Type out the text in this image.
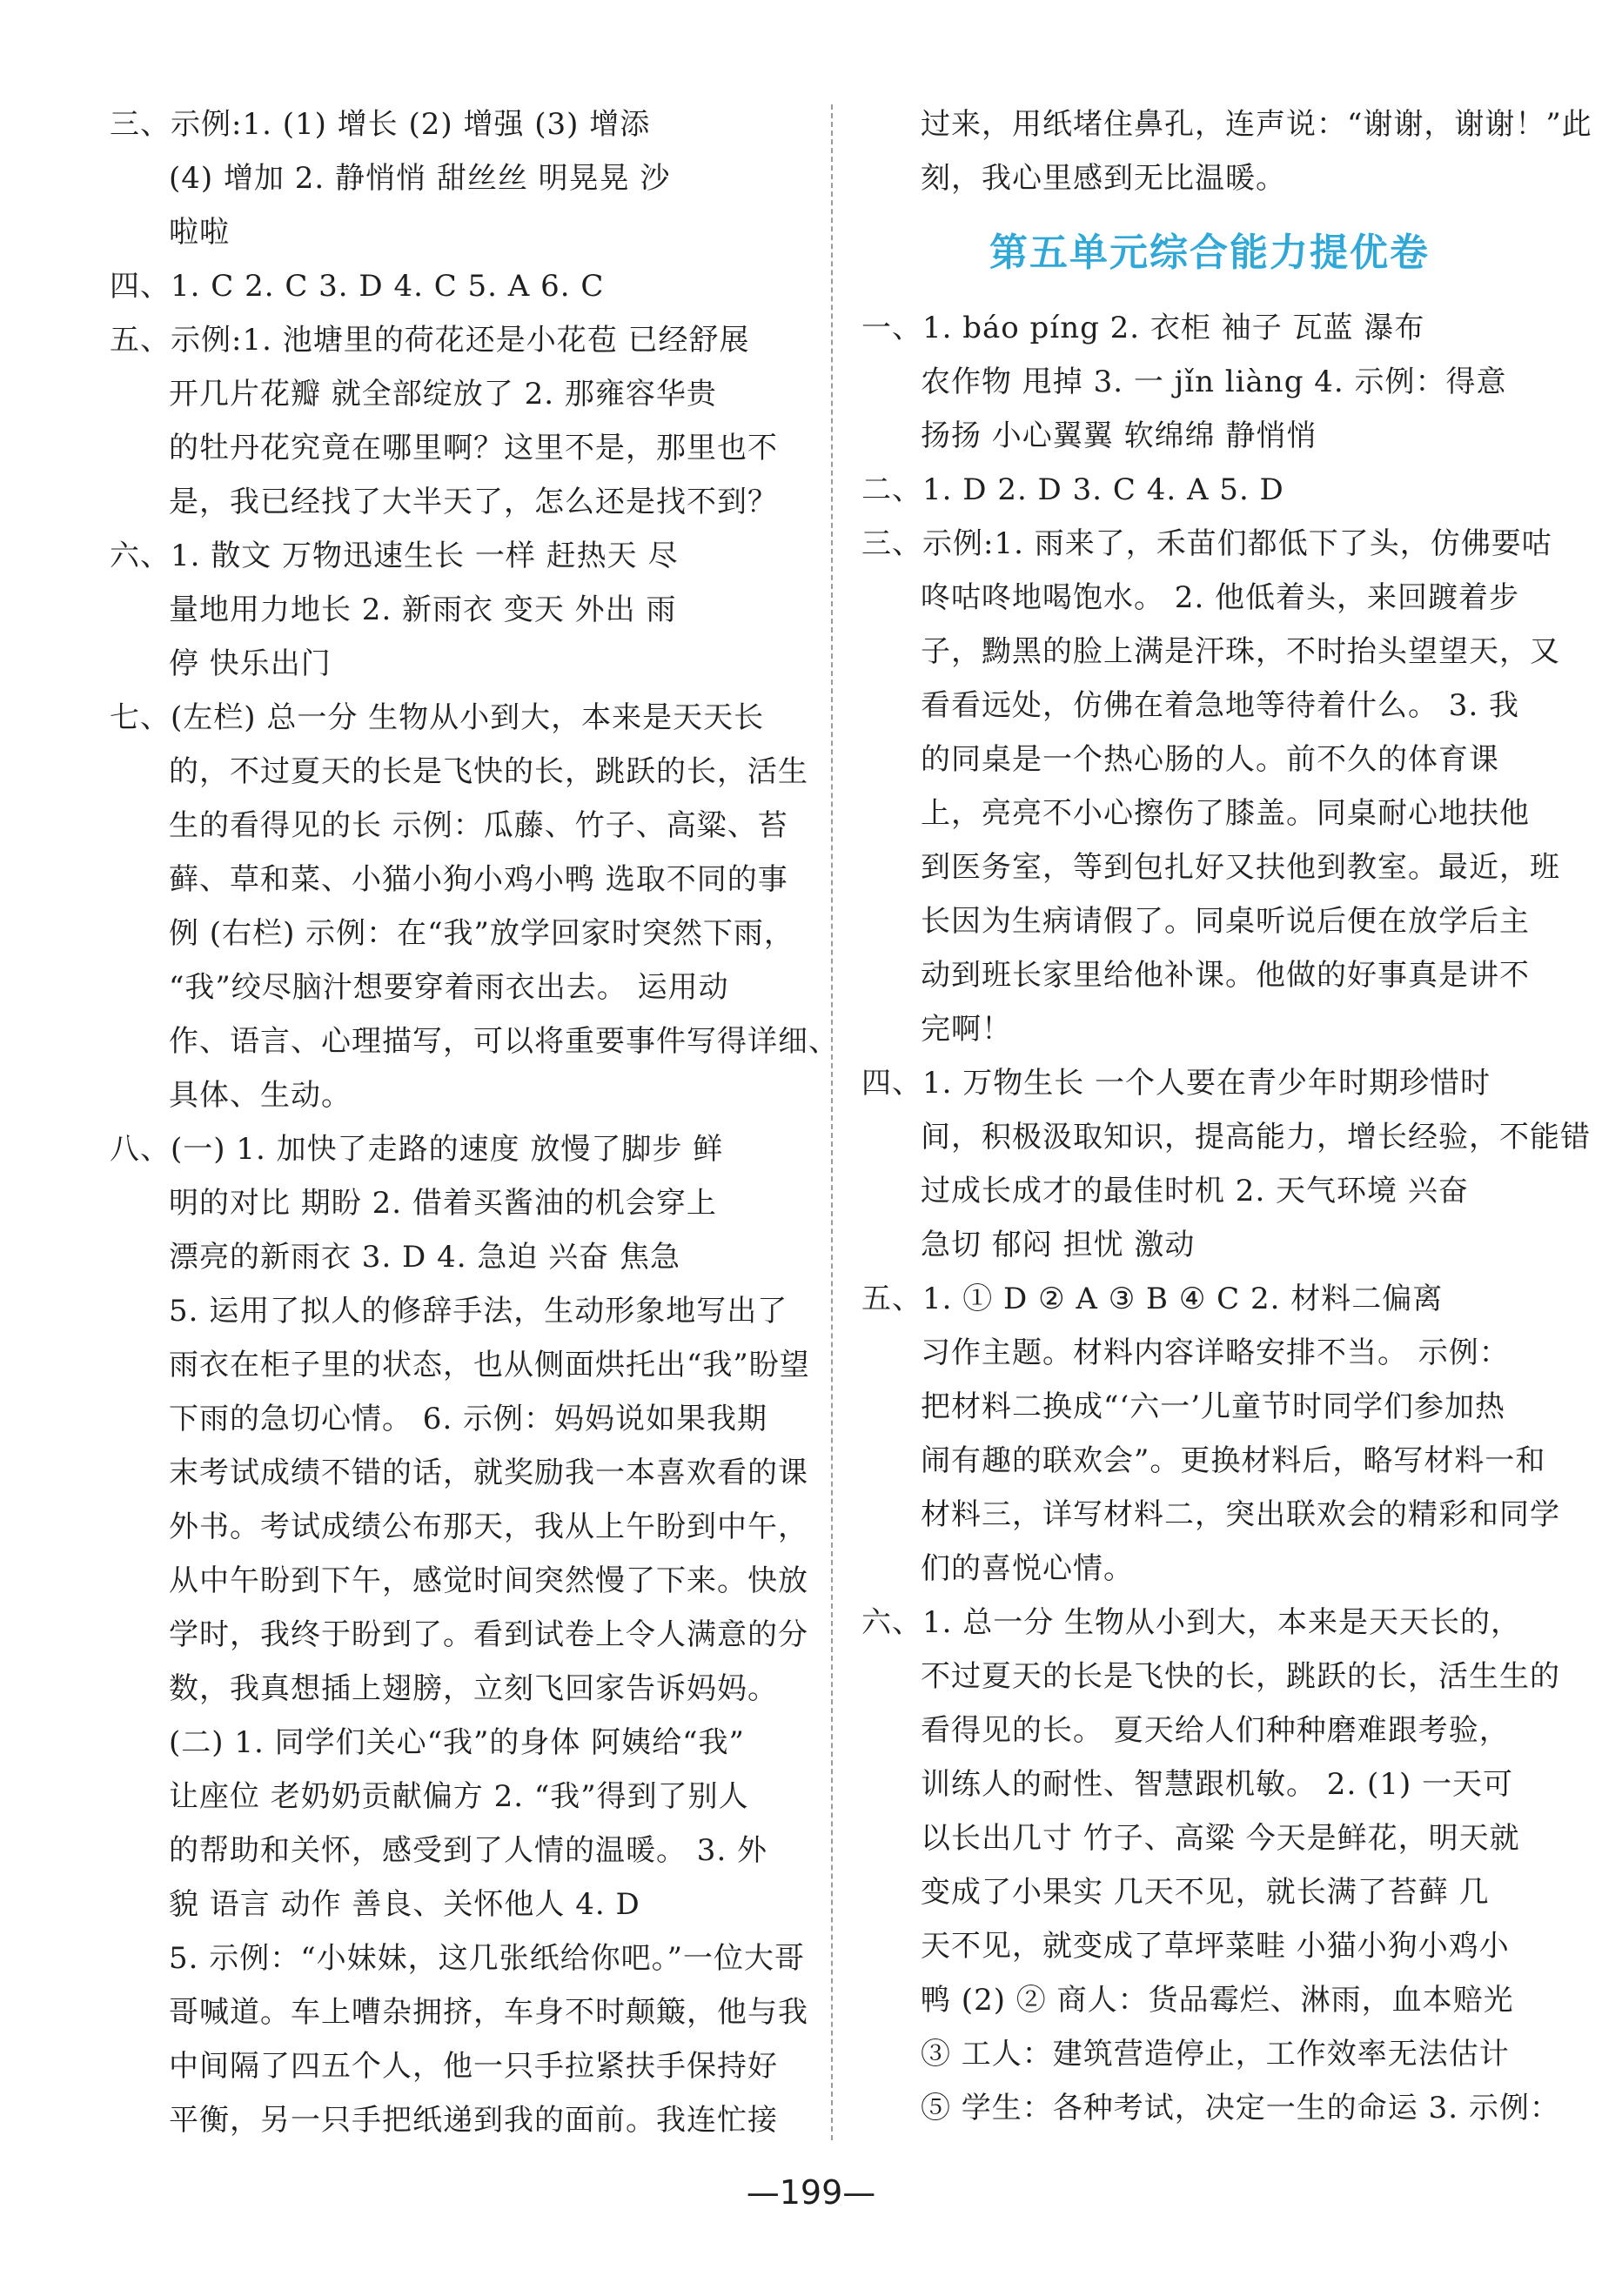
三、示例:1. (1) 增长 (2) 增强 (3) 增添
(4) 增加 2. 静悄悄 甜丝丝 明晃晃 沙
啦啦
四、1. C 2. C 3. D 4. C 5. A 6. C
五、示例:1. 池塘里的荷花还是小花苞 已经舒展
开几片花瓣 就全部绽放了 2. 那雍容华贵
的牡丹花究竟在哪里啊？这里不是，那里也不
是，我已经找了大半天了，怎么还是找不到？
六、1. 散文 万物迅速生长 一样 赶热天 尽
量地用力地长 2. 新雨衣 变天 外出 雨
停 快乐出门
七、(左栏) 总一分 生物从小到大，本来是天天长
的，不过夏天的长是飞快的长，跳跃的长，活生
生的看得见的长 示例：瓜藤、竹子、高粱、苔
藓、草和菜、小猫小狗小鸡小鸭 选取不同的事
例 (右栏) 示例：在“我”放学回家时突然下雨，
“我”绞尽脑汁想要穿着雨衣出去。 运用动
作、语言、心理描写，可以将重要事件写得详细、
具体、生动。
八、(一) 1. 加快了走路的速度 放慢了脚步 鲜
明的对比 期盼 2. 借着买酱油的机会穿上
漂亮的新雨衣 3. D 4. 急迫 兴奋 焦急
5. 运用了拟人的修辞手法，生动形象地写出了
雨衣在柜子里的状态，也从侧面烘托出“我”盼望
下雨的急切心情。 6. 示例：妈妈说如果我期
末考试成绩不错的话，就奖励我一本喜欢看的课
外书。考试成绩公布那天，我从上午盼到中午，
从中午盼到下午，感觉时间突然慢了下来。快放
学时，我终于盼到了。看到试卷上令人满意的分
数，我真想插上翅膀，立刻飞回家告诉妈妈。
(二) 1. 同学们关心“我”的身体 阿姨给“我”
让座位 老奶奶贡献偏方 2. “我”得到了别人
的帮助和关怀，感受到了人情的温暖。 3. 外
貌 语言 动作 善良、关怀他人 4. D
5. 示例：“小妹妹，这几张纸给你吧。”一位大哥
哥喊道。车上嘈杂拥挤，车身不时颠簸，他与我
中间隔了四五个人，他一只手拉紧扶手保持好
平衡，另一只手把纸递到我的面前。我连忙接
过来，用纸堵住鼻孔，连声说：“谢谢，谢谢！”此
刻，我心里感到无比温暖。
第五单元综合能力提优卷
一、1. báo píng 2. 衣柜 袖子 瓦蓝 瀑布
农作物 甩掉 3. 一 jǐn liàng 4. 示例：得意
扬扬 小心翼翼 软绵绵 静悄悄
二、1. D 2. D 3. C 4. A 5. D
三、示例:1. 雨来了，禾苗们都低下了头，仿佛要咕
咚咕咚地喝饱水。 2. 他低着头，来回踱着步
子，黝黑的脸上满是汗珠，不时抬头望望天，又
看看远处，仿佛在着急地等待着什么。 3. 我
的同桌是一个热心肠的人。前不久的体育课
上，亮亮不小心擦伤了膝盖。同桌耐心地扶他
到医务室，等到包扎好又扶他到教室。最近，班
长因为生病请假了。同桌听说后便在放学后主
动到班长家里给他补课。他做的好事真是讲不
完啊！
四、1. 万物生长 一个人要在青少年时期珍惜时
间，积极汲取知识，提高能力，增长经验，不能错
过成长成才的最佳时机 2. 天气环境 兴奋
急切 郁闷 担忧 激动
五、1. ① D ② A ③ B ④ C 2. 材料二偏离
习作主题。材料内容详略安排不当。 示例：
把材料二换成“‘六一’儿童节时同学们参加热
闹有趣的联欢会”。更换材料后，略写材料一和
材料三，详写材料二，突出联欢会的精彩和同学
们的喜悦心情。
六、1. 总一分 生物从小到大，本来是天天长的，
不过夏天的长是飞快的长，跳跃的长，活生生的
看得见的长。 夏天给人们种种磨难跟考验，
训练人的耐性、智慧跟机敏。 2. (1) 一天可
以长出几寸 竹子、高粱 今天是鲜花，明天就
变成了小果实 几天不见，就长满了苔藓 几
天不见，就变成了草坪菜畦 小猫小狗小鸡小
鸭 (2) ② 商人：货品霉烂、淋雨，血本赔光
③ 工人：建筑营造停止，工作效率无法估计
⑤ 学生：各种考试，决定一生的命运 3. 示例：
—199—
